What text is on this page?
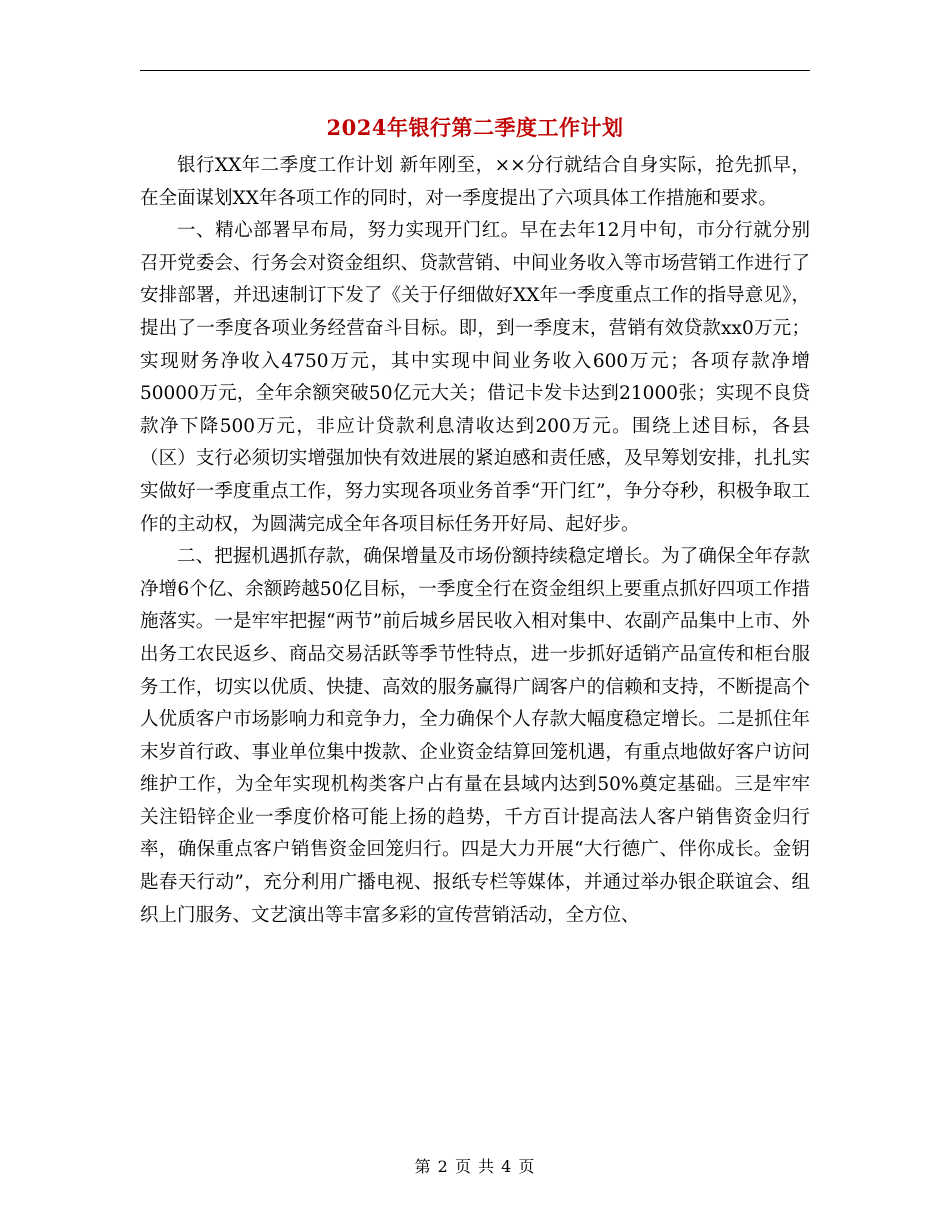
2024年银行第二季度工作计划

银行XX年二季度工作计划 新年刚至，××分行就结合自身实际，抢先抓早，在全面谋划XX年各项工作的同时，对一季度提出了六项具体工作措施和要求。

一、精心部署早布局，努力实现开门红。早在去年12月中旬，市分行就分别召开党委会、行务会对资金组织、贷款营销、中间业务收入等市场营销工作进行了安排部署，并迅速制订下发了《关于仔细做好XX年一季度重点工作的指导意见》，提出了一季度各项业务经营奋斗目标。即，到一季度末，营销有效贷款xx0万元；实现财务净收入4750万元，其中实现中间业务收入600万元；各项存款净增50000万元，全年余额突破50亿元大关；借记卡发卡达到21000张；实现不良贷款净下降500万元，非应计贷款利息清收达到200万元。围绕上述目标，各县（区）支行必须切实增强加快有效进展的紧迫感和责任感，及早筹划安排，扎扎实实做好一季度重点工作，努力实现各项业务首季“开门红”，争分夺秒，积极争取工作的主动权，为圆满完成全年各项目标任务开好局、起好步。

二、把握机遇抓存款，确保增量及市场份额持续稳定增长。为了确保全年存款净增6个亿、余额跨越50亿目标，一季度全行在资金组织上要重点抓好四项工作措施落实。一是牢牢把握“两节”前后城乡居民收入相对集中、农副产品集中上市、外出务工农民返乡、商品交易活跃等季节性特点，进一步抓好适销产品宣传和柜台服务工作，切实以优质、快捷、高效的服务赢得广阔客户的信赖和支持，不断提高个人优质客户市场影响力和竞争力，全力确保个人存款大幅度稳定增长。二是抓住年末岁首行政、事业单位集中拨款、企业资金结算回笼机遇，有重点地做好客户访问维护工作，为全年实现机构类客户占有量在县域内达到50%奠定基础。三是牢牢关注铅锌企业一季度价格可能上扬的趋势，千方百计提高法人客户销售资金归行率，确保重点客户销售资金回笼归行。四是大力开展“大行德广、伴你成长。金钥匙春天行动”，充分利用广播电视、报纸专栏等媒体，并通过举办银企联谊会、组织上门服务、文艺演出等丰富多彩的宣传营销活动，全方位、

第 2 页 共 4 页
